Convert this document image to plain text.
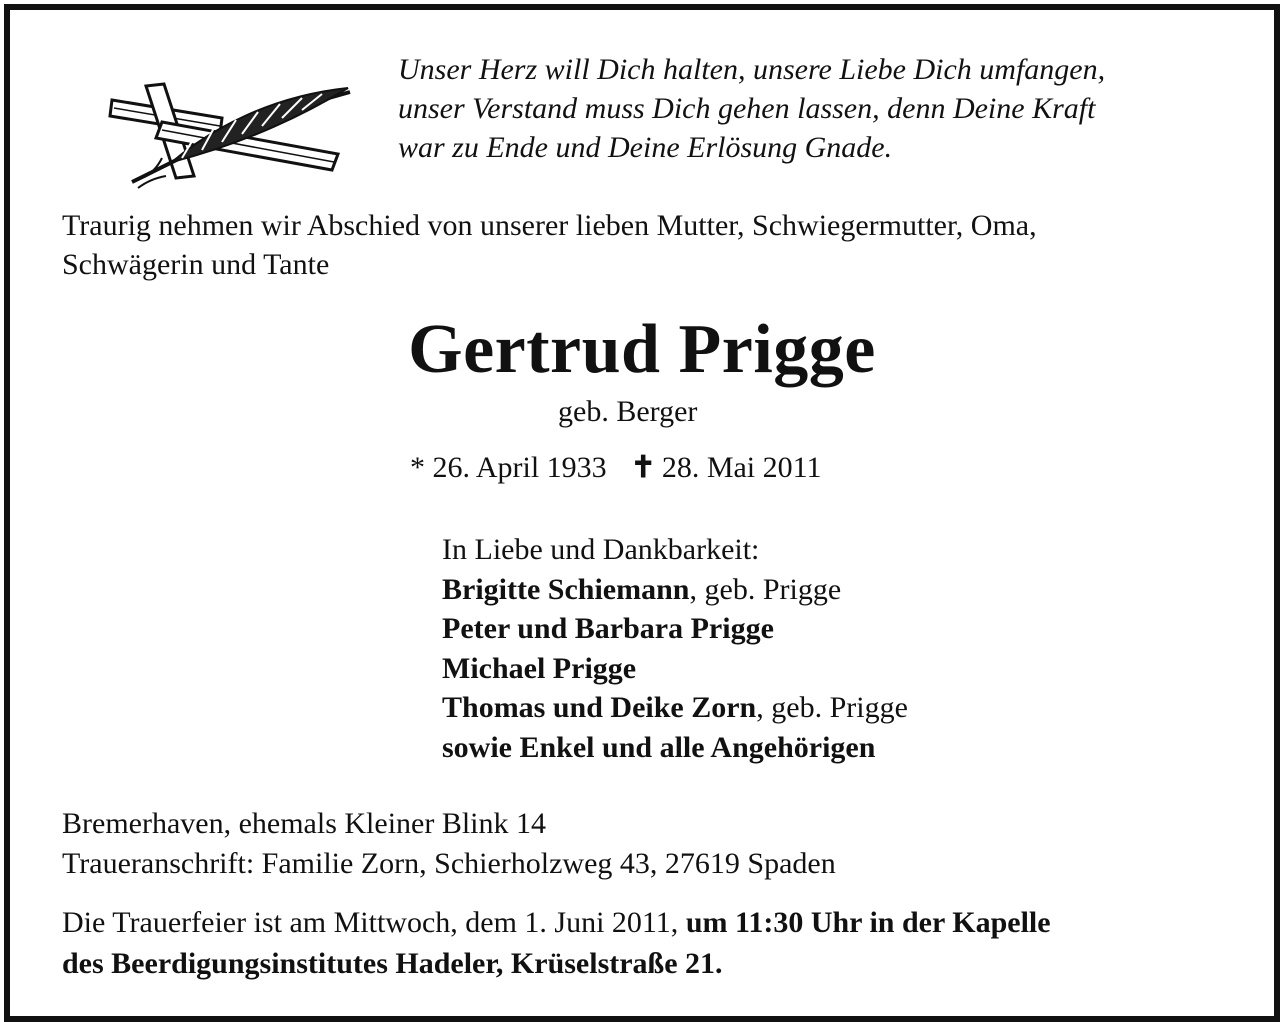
Unser Herz will Dich halten, unsere Liebe Dich umfangen,
unser Verstand muss Dich gehen lassen, denn Deine Kraft
war zu Ende und Deine Erlösung Gnade.
Traurig nehmen wir Abschied von unserer lieben Mutter, Schwiegermutter, Oma,
Schwägerin und Tante
Gertrud Prigge
geb. Berger
* 26. April 1933 ✝ 28. Mai 2011
In Liebe und Dankbarkeit:
Brigitte Schiemann, geb. Prigge
Peter und Barbara Prigge
Michael Prigge
Thomas und Deike Zorn, geb. Prigge
sowie Enkel und alle Angehörigen
Bremerhaven, ehemals Kleiner Blink 14
Traueranschrift: Familie Zorn, Schierholzweg 43, 27619 Spaden
Die Trauerfeier ist am Mittwoch, dem 1. Juni 2011, um 11:30 Uhr in der Kapelle
des Beerdigungsinstitutes Hadeler, Krüselstraße 21.
